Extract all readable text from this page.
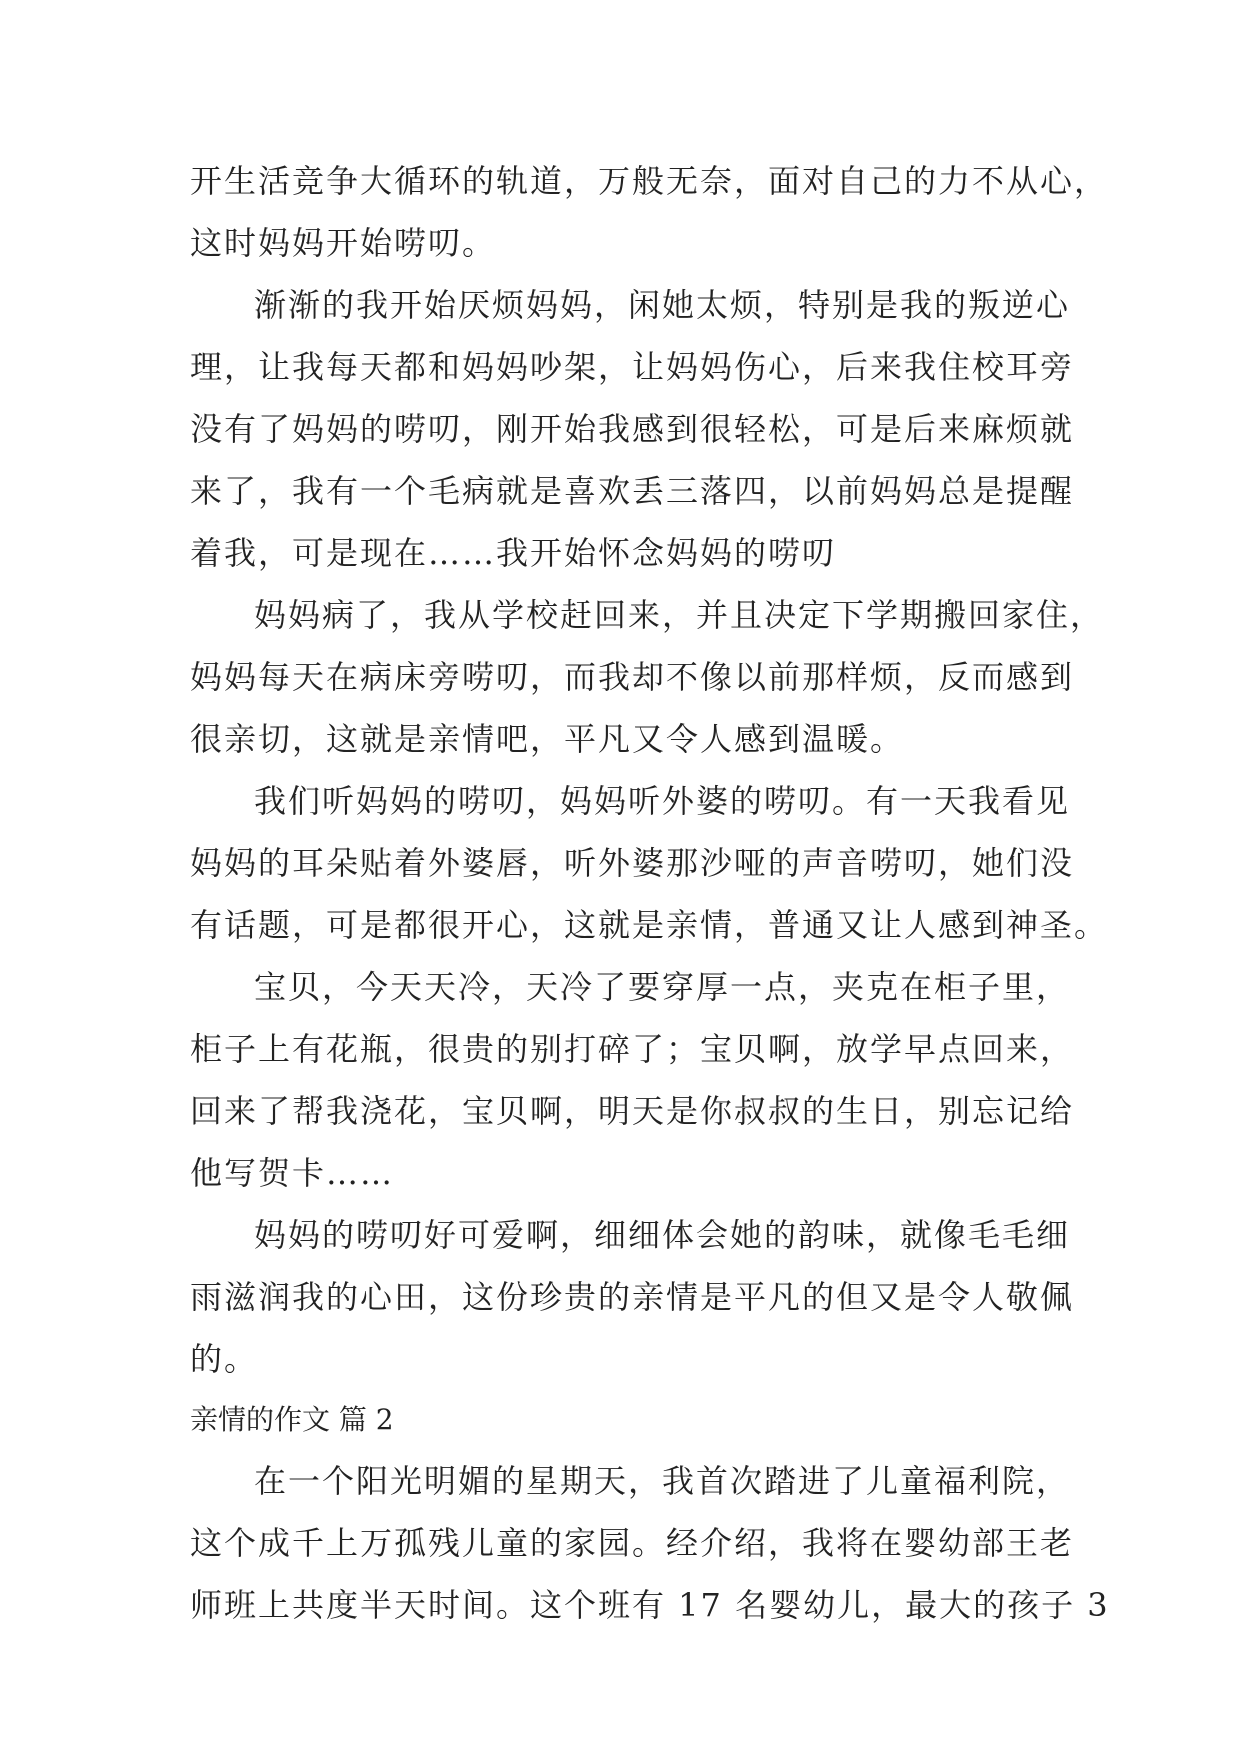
开生活竞争大循环的轨道，万般无奈，面对自己的力不从心，
这时妈妈开始唠叨。
渐渐的我开始厌烦妈妈，闲她太烦，特别是我的叛逆心
理，让我每天都和妈妈吵架，让妈妈伤心，后来我住校耳旁
没有了妈妈的唠叨，刚开始我感到很轻松，可是后来麻烦就
来了，我有一个毛病就是喜欢丢三落四，以前妈妈总是提醒
着我，可是现在……我开始怀念妈妈的唠叨
妈妈病了，我从学校赶回来，并且决定下学期搬回家住，
妈妈每天在病床旁唠叨，而我却不像以前那样烦，反而感到
很亲切，这就是亲情吧，平凡又令人感到温暖。
我们听妈妈的唠叨，妈妈听外婆的唠叨。有一天我看见
妈妈的耳朵贴着外婆唇，听外婆那沙哑的声音唠叨，她们没
有话题，可是都很开心，这就是亲情，普通又让人感到神圣。
宝贝，今天天冷，天冷了要穿厚一点，夹克在柜子里，
柜子上有花瓶，很贵的别打碎了；宝贝啊，放学早点回来，
回来了帮我浇花，宝贝啊，明天是你叔叔的生日，别忘记给
他写贺卡……
妈妈的唠叨好可爱啊，细细体会她的韵味，就像毛毛细
雨滋润我的心田，这份珍贵的亲情是平凡的但又是令人敬佩
的。
亲情的作文 篇 2
在一个阳光明媚的星期天，我首次踏进了儿童福利院，
这个成千上万孤残儿童的家园。经介绍，我将在婴幼部王老
师班上共度半天时间。这个班有 17 名婴幼儿，最大的孩子 3
